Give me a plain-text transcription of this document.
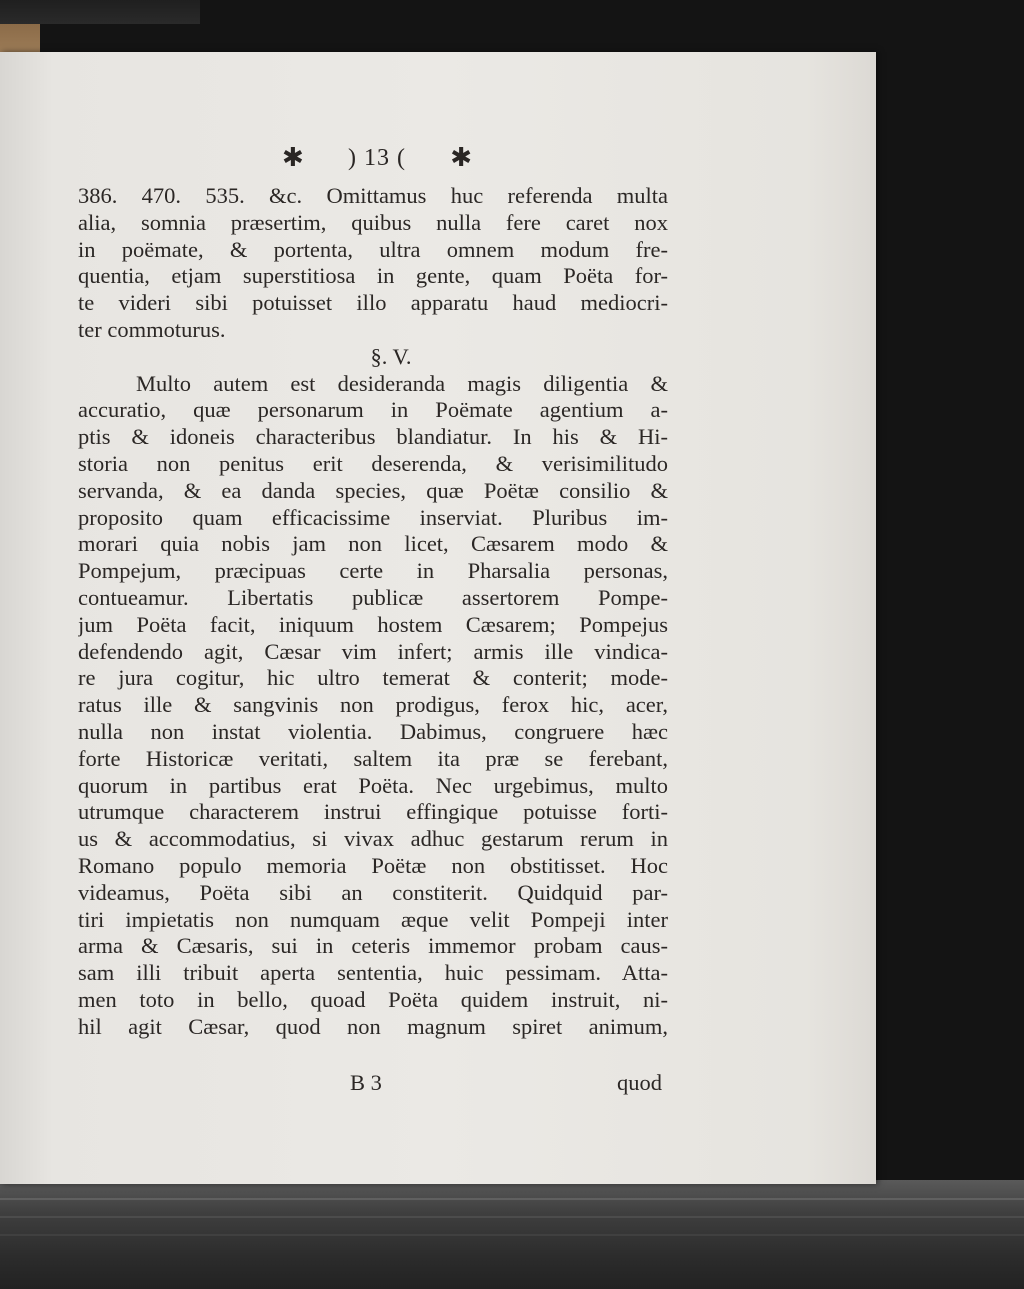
✱ ) 13 ( ✱
386. 470. 535. &c. Omittamus huc referenda multa
alia, somnia præsertim, quibus nulla fere caret nox
in poëmate, & portenta, ultra omnem modum fre-
quentia, etjam superstitiosa in gente, quam Poëta for-
te videri sibi potuisset illo apparatu haud mediocri-
ter commoturus.
§. V.
Multo autem est desideranda magis diligentia &
accuratio, quæ personarum in Poëmate agentium a-
ptis & idoneis characteribus blandiatur. In his & Hi-
storia non penitus erit deserenda, & verisimilitudo
servanda, & ea danda species, quæ Poëtæ consilio &
proposito quam efficacissime inserviat. Pluribus im-
morari quia nobis jam non licet, Cæsarem modo &
Pompejum, præcipuas certe in Pharsalia personas,
contueamur. Libertatis publicæ assertorem Pompe-
jum Poëta facit, iniquum hostem Cæsarem; Pompejus
defendendo agit, Cæsar vim infert; armis ille vindica-
re jura cogitur, hic ultro temerat & conterit; mode-
ratus ille & sangvinis non prodigus, ferox hic, acer,
nulla non instat violentia. Dabimus, congruere hæc
forte Historicæ veritati, saltem ita præ se ferebant,
quorum in partibus erat Poëta. Nec urgebimus, multo
utrumque characterem instrui effingique potuisse forti-
us & accommodatius, si vivax adhuc gestarum rerum in
Romano populo memoria Poëtæ non obstitisset. Hoc
videamus, Poëta sibi an constiterit. Quidquid par-
tiri impietatis non numquam æque velit Pompeji inter
arma & Cæsaris, sui in ceteris immemor probam caus-
sam illi tribuit aperta sententia, huic pessimam. Atta-
men toto in bello, quoad Poëta quidem instruit, ni-
hil agit Cæsar, quod non magnum spiret animum,
B 3	quod
